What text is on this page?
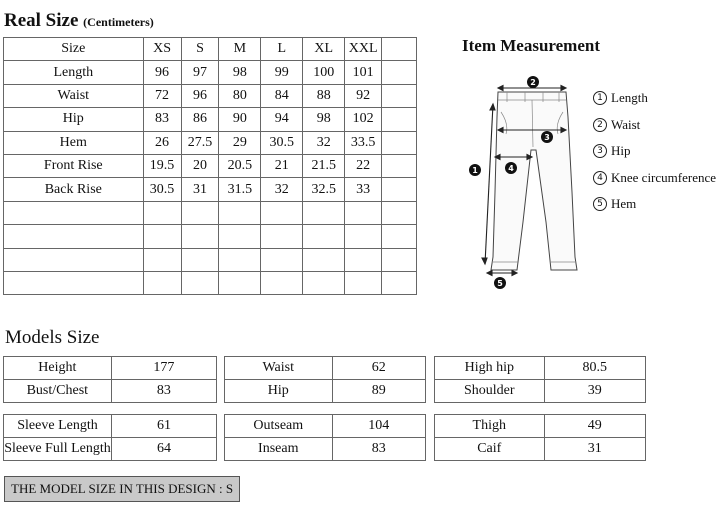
Real Size (Centimeters)
Size	XS	S	M	L	XL	XXL	
Length	96	97	98	99	100	101	
Waist	72	96	80	84	88	92	
Hip	83	86	90	94	98	102	
Hem	26	27.5	29	30.5	32	33.5	
Front Rise	19.5	20	20.5	21	21.5	22	
Back Rise	30.5	31	31.5	32	32.5	33	

Item Measurement
2
1
3
4
5
1 Length
2 Waist
3 Hip
4 Knee circumference
5 Hem
Models Size
Height	177
Bust/Chest	83
Waist	62
Hip	89
High hip	80.5
Shoulder	39
Sleeve Length	61
Sleeve Full Length	64
Outseam	104
Inseam	83
Thigh	49
Caif	31
THE MODEL SIZE IN THIS DESIGN : S
